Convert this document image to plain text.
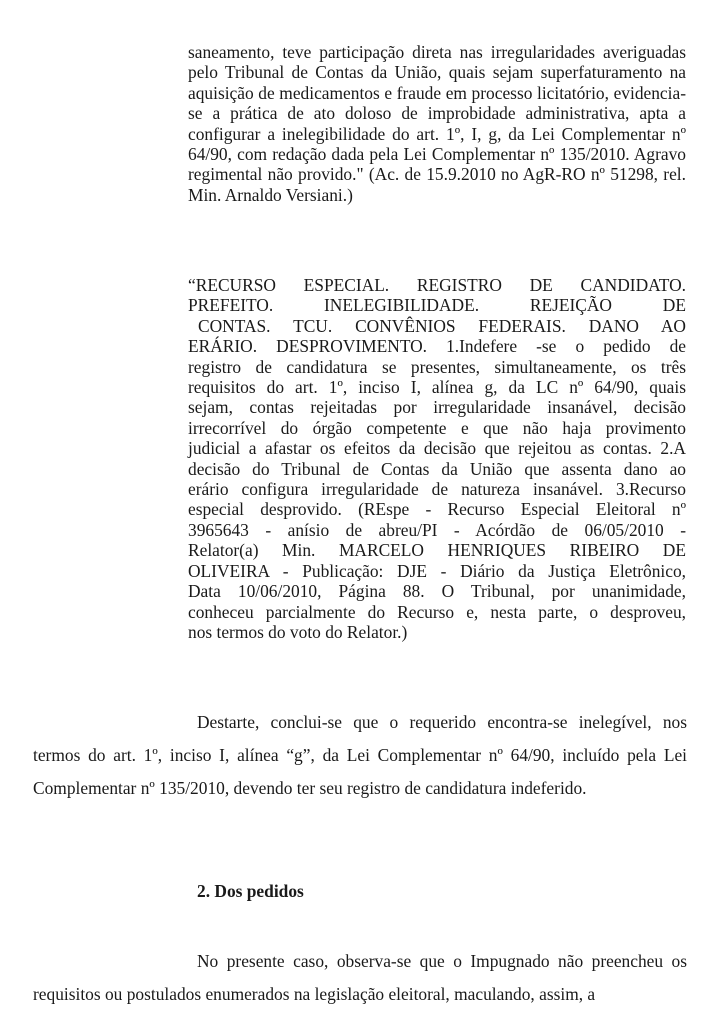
saneamento, teve participação direta nas irregularidades averiguadas pelo Tribunal de Contas da União, quais sejam superfaturamento na aquisição de medicamentos e fraude em processo licitatório, evidencia-se a prática de ato doloso de improbidade administrativa, apta a configurar a inelegibilidade do art. 1º, I, g, da Lei Complementar nº 64/90, com redação dada pela Lei Complementar nº 135/2010. Agravo regimental não provido." (Ac. de 15.9.2010 no AgR-RO nº 51298, rel. Min. Arnaldo Versiani.)

“RECURSO ESPECIAL. REGISTRO DE CANDIDATO.
PREFEITO. INELEGIBILIDADE. REJEIÇÃO DE
CONTAS. TCU. CONVÊNIOS FEDERAIS. DANO AO
ERÁRIO. DESPROVIMENTO. 1.Indefere -se o pedido de
registro de candidatura se presentes, simultaneamente, os três
requisitos do art. 1º, inciso I, alínea g, da LC nº 64/90, quais
sejam, contas rejeitadas por irregularidade insanável, decisão
irrecorrível do órgão competente e que não haja provimento
judicial a afastar os efeitos da decisão que rejeitou as contas. 2.A
decisão do Tribunal de Contas da União que assenta dano ao
erário configura irregularidade de natureza insanável. 3.Recurso
especial desprovido. (REspe - Recurso Especial Eleitoral nº
3965643 - anísio de abreu/PI - Acórdão de 06/05/2010 -
Relator(a) Min. MARCELO HENRIQUES RIBEIRO DE
OLIVEIRA - Publicação: DJE - Diário da Justiça Eletrônico,
Data 10/06/2010, Página 88. O Tribunal, por unanimidade,
conheceu parcialmente do Recurso e, nesta parte, o desproveu,
nos termos do voto do Relator.)

Destarte, conclui-se que o requerido encontra-se inelegível, nos termos do art. 1º, inciso I, alínea “g”, da Lei Complementar nº 64/90, incluído pela Lei Complementar nº 135/2010, devendo ter seu registro de candidatura indeferido.

2. Dos pedidos

No presente caso, observa-se que o Impugnado não preencheu os requisitos ou postulados enumerados na legislação eleitoral, maculando, assim, a
